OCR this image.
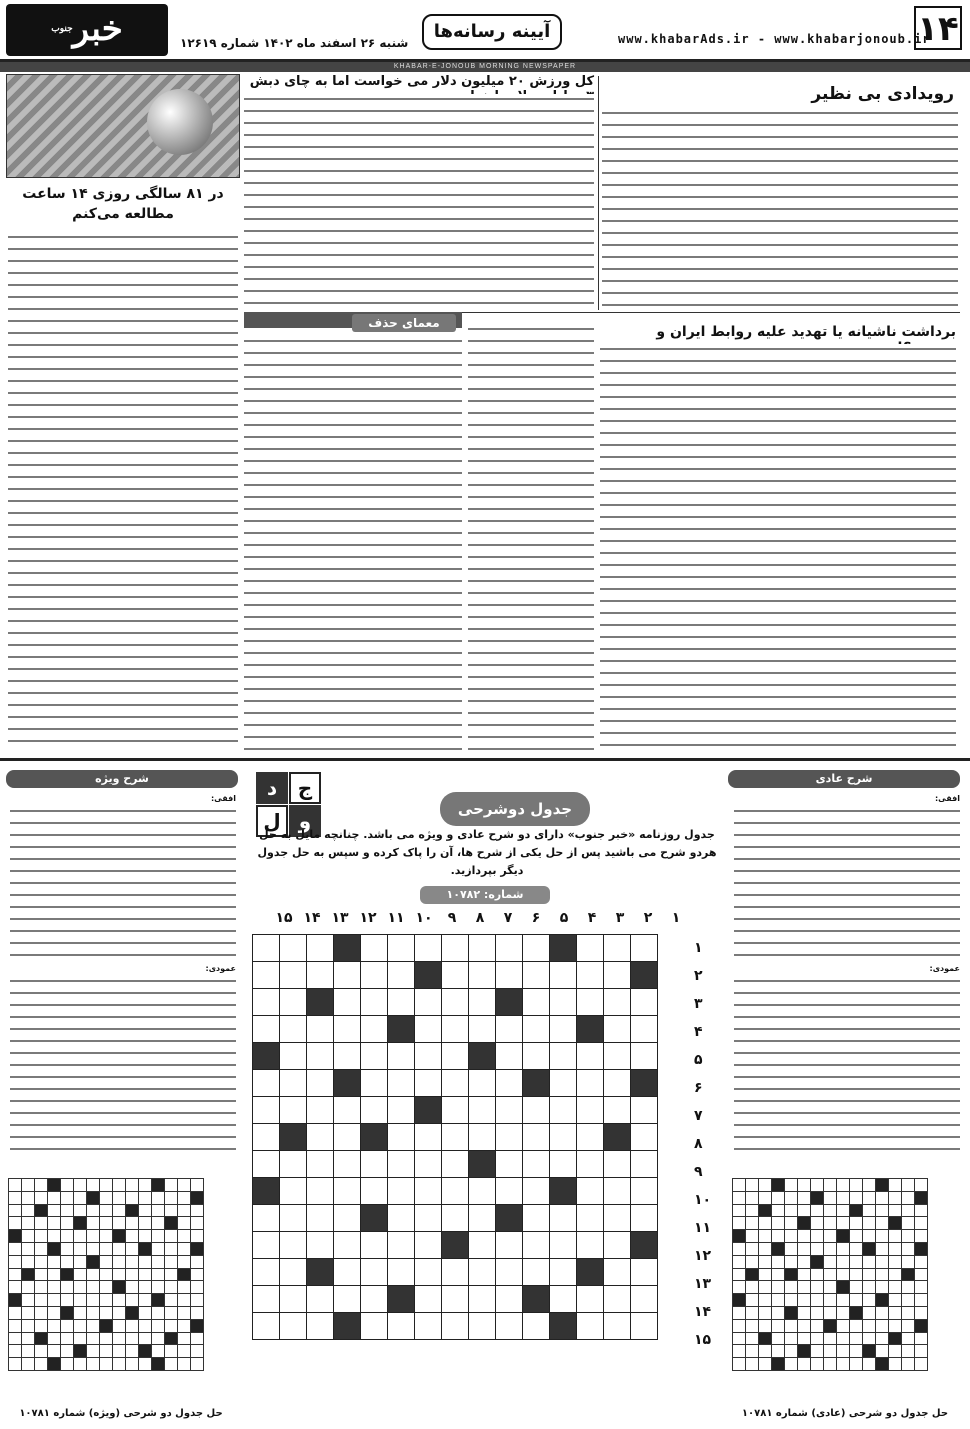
۱۴
www.khabarAds.ir - www.khabarjonoub.ir
آیینه رسانه‌ها
شنبه ۲۶ اسفند ماه ۱۴۰۲ شماره ۱۲۶۱۹
خبر$^{جنوب}$
KHABAR-E-JONOUB MORNING NEWSPAPER
رویدادی بی نظیر
کل ورزش ۲۰ میلیون دلار می خواست اما به چای دبش
در ۸۱ سالگی روزی ۱۴ ساعت مطالعه می‌کنم
برداشت ناشیانه یا تهدید علیه روابط ایران و
معمای حذف
شرح عادی
افقی:
عمودی:
شرح ویژه
افقی:
عمودی:
ج
د
و
ل	جدول دوشرحی
جدول روزنامه «خبر جنوب» دارای دو شرح عادی و ویژه می باشد. چنانچه مایل به حل هردو شرح می باشید پس از حل یکی از شرح ها، آن را پاک کرده و سپس به حل جدول دیگر بپردازید.
شماره: ۱۰۷۸۲
۱
۲
۳
۴
۵
۶
۷
۸
۹
۱۰
۱۱
۱۲
۱۳
۱۴
۱۵
۱
۲
۳
۴
۵
۶
۷
۸
۹
۱۰
۱۱
۱۲
۱۳
۱۴
۱۵

حل جدول دو شرحی (ویژه) شماره ۱۰۷۸۱	حل جدول دو شرحی (عادی) شماره ۱۰۷۸۱
